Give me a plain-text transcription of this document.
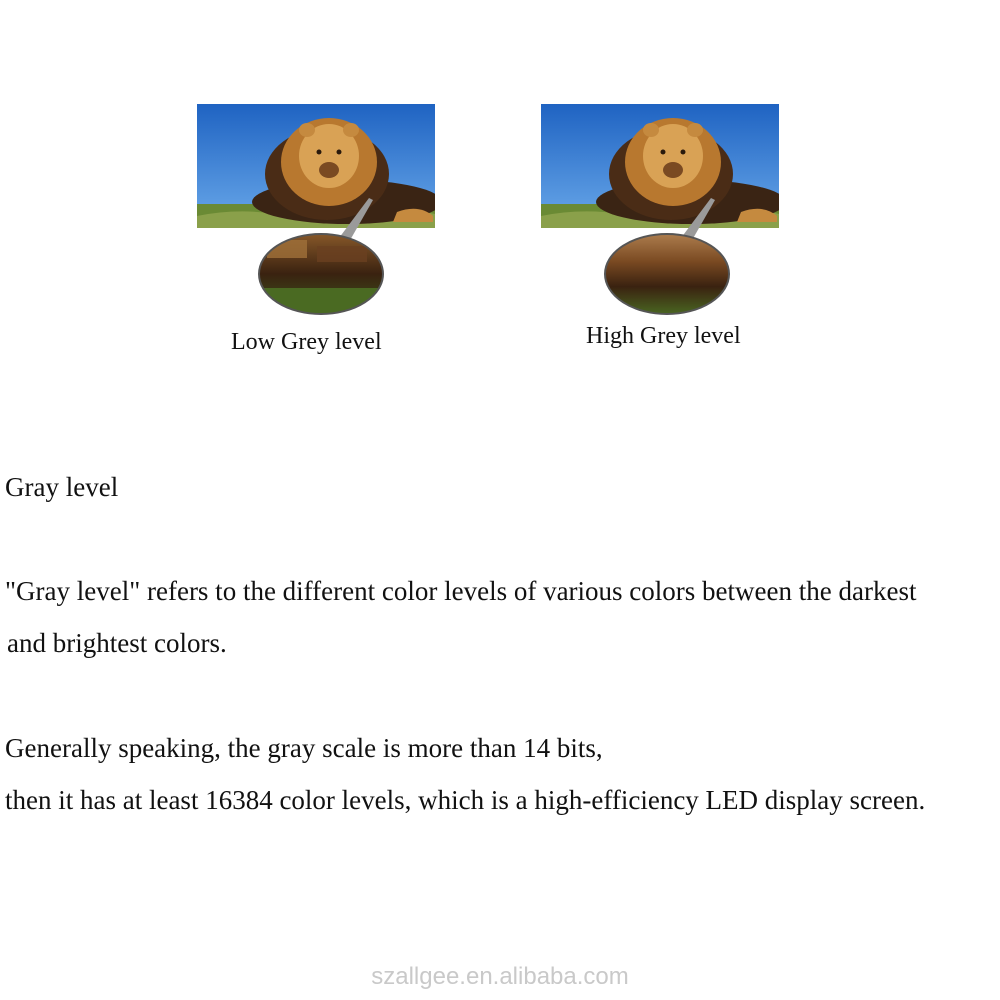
Low Grey level	High Grey level
Gray level
"Gray level" refers to the different color levels of various colors between the darkest
and brightest colors.
Generally speaking, the gray scale is more than 14 bits,
then it has at least 16384 color levels, which is a high-efficiency LED display screen.
szallgee.en.alibaba.com
